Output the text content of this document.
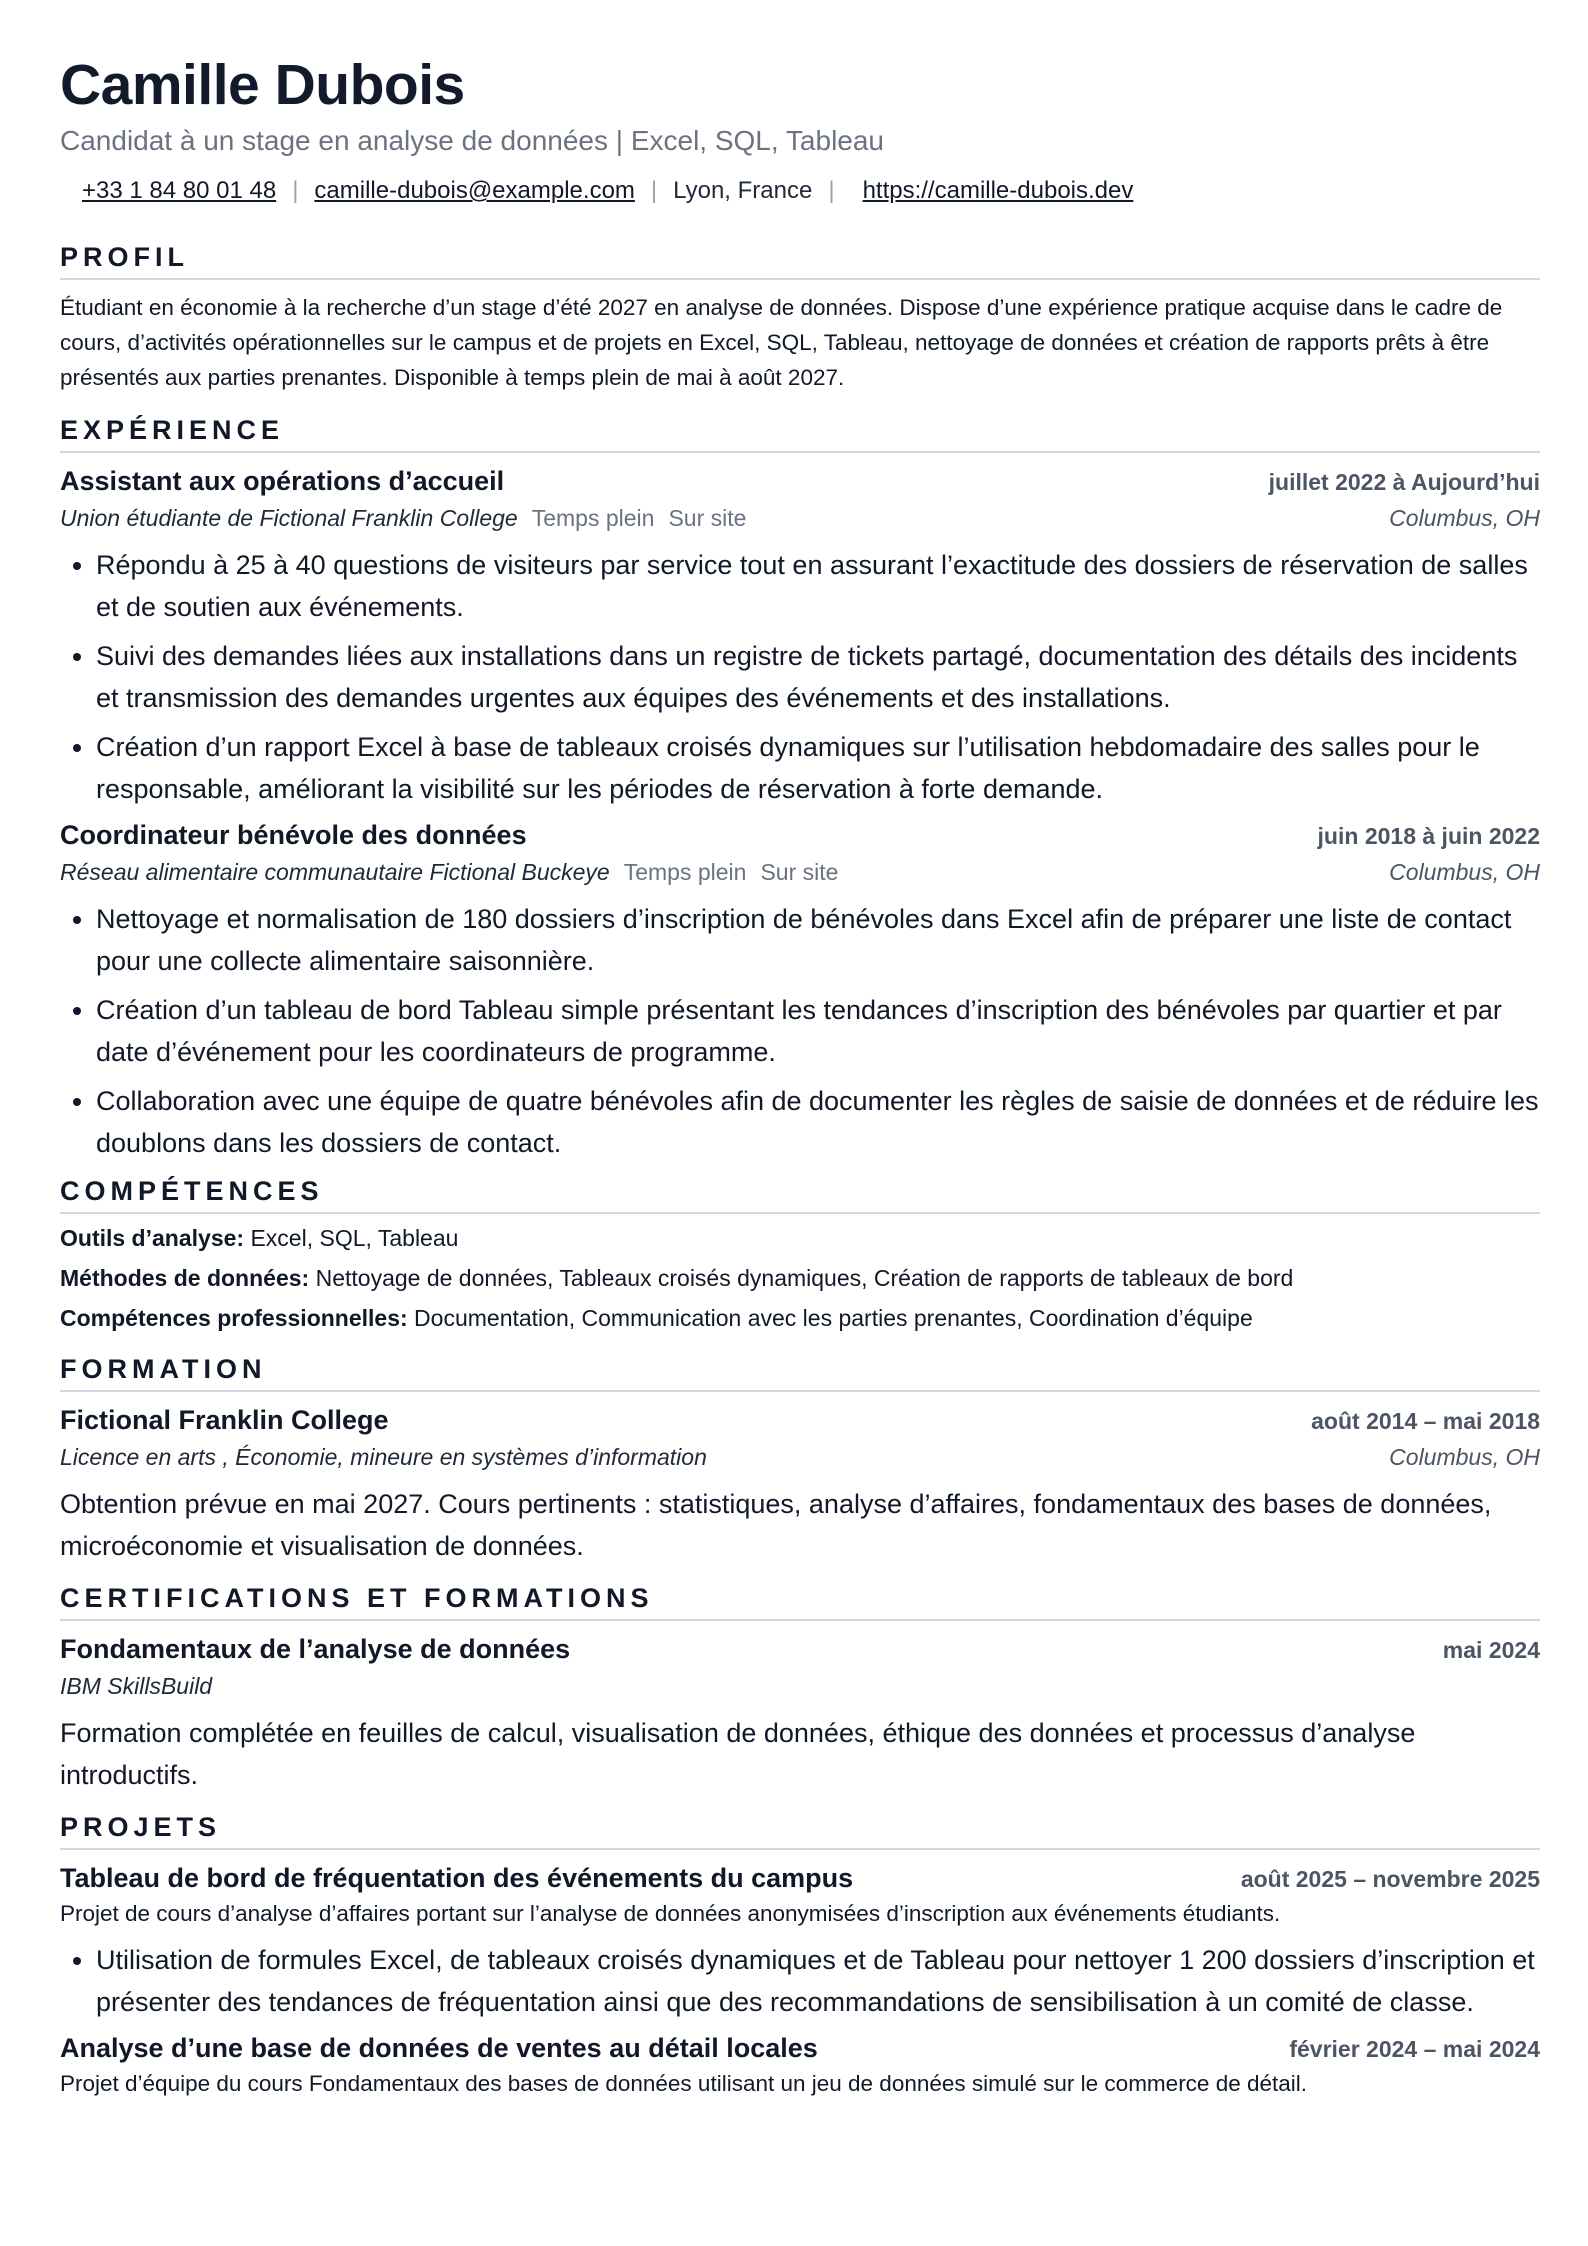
Camille Dubois
Candidat à un stage en analyse de données | Excel, SQL, Tableau
+33 1 84 80 01 48 | camille-dubois@example.com | Lyon, France | https://camille-dubois.dev
PROFIL
Étudiant en économie à la recherche d’un stage d’été 2027 en analyse de données. Dispose d’une expérience pratique acquise dans le cadre de cours, d’activités opérationnelles sur le campus et de projets en Excel, SQL, Tableau, nettoyage de données et création de rapports prêts à être présentés aux parties prenantes. Disponible à temps plein de mai à août 2027.
EXPÉRIENCE
Assistant aux opérations d’accueil	juillet 2022 à Aujourd’hui
Union étudiante de Fictional Franklin College Temps plein Sur site	Columbus, OH
• Répondu à 25 à 40 questions de visiteurs par service tout en assurant l’exactitude des dossiers de réservation de salles et de soutien aux événements.
• Suivi des demandes liées aux installations dans un registre de tickets partagé, documentation des détails des incidents et transmission des demandes urgentes aux équipes des événements et des installations.
• Création d’un rapport Excel à base de tableaux croisés dynamiques sur l’utilisation hebdomadaire des salles pour le responsable, améliorant la visibilité sur les périodes de réservation à forte demande.
Coordinateur bénévole des données	juin 2018 à juin 2022
Réseau alimentaire communautaire Fictional Buckeye Temps plein Sur site	Columbus, OH
• Nettoyage et normalisation de 180 dossiers d’inscription de bénévoles dans Excel afin de préparer une liste de contact pour une collecte alimentaire saisonnière.
• Création d’un tableau de bord Tableau simple présentant les tendances d’inscription des bénévoles par quartier et par date d’événement pour les coordinateurs de programme.
• Collaboration avec une équipe de quatre bénévoles afin de documenter les règles de saisie de données et de réduire les doublons dans les dossiers de contact.
COMPÉTENCES
Outils d’analyse: Excel, SQL, Tableau
Méthodes de données: Nettoyage de données, Tableaux croisés dynamiques, Création de rapports de tableaux de bord
Compétences professionnelles: Documentation, Communication avec les parties prenantes, Coordination d’équipe
FORMATION
Fictional Franklin College	août 2014 – mai 2018
Licence en arts , Économie, mineure en systèmes d’information	Columbus, OH
Obtention prévue en mai 2027. Cours pertinents : statistiques, analyse d’affaires, fondamentaux des bases de données, microéconomie et visualisation de données.
CERTIFICATIONS ET FORMATIONS
Fondamentaux de l’analyse de données	mai 2024
IBM SkillsBuild
Formation complétée en feuilles de calcul, visualisation de données, éthique des données et processus d’analyse introductifs.
PROJETS
Tableau de bord de fréquentation des événements du campus	août 2025 – novembre 2025
Projet de cours d’analyse d’affaires portant sur l’analyse de données anonymisées d’inscription aux événements étudiants.
• Utilisation de formules Excel, de tableaux croisés dynamiques et de Tableau pour nettoyer 1 200 dossiers d’inscription et présenter des tendances de fréquentation ainsi que des recommandations de sensibilisation à un comité de classe.
Analyse d’une base de données de ventes au détail locales	février 2024 – mai 2024
Projet d’équipe du cours Fondamentaux des bases de données utilisant un jeu de données simulé sur le commerce de détail.
